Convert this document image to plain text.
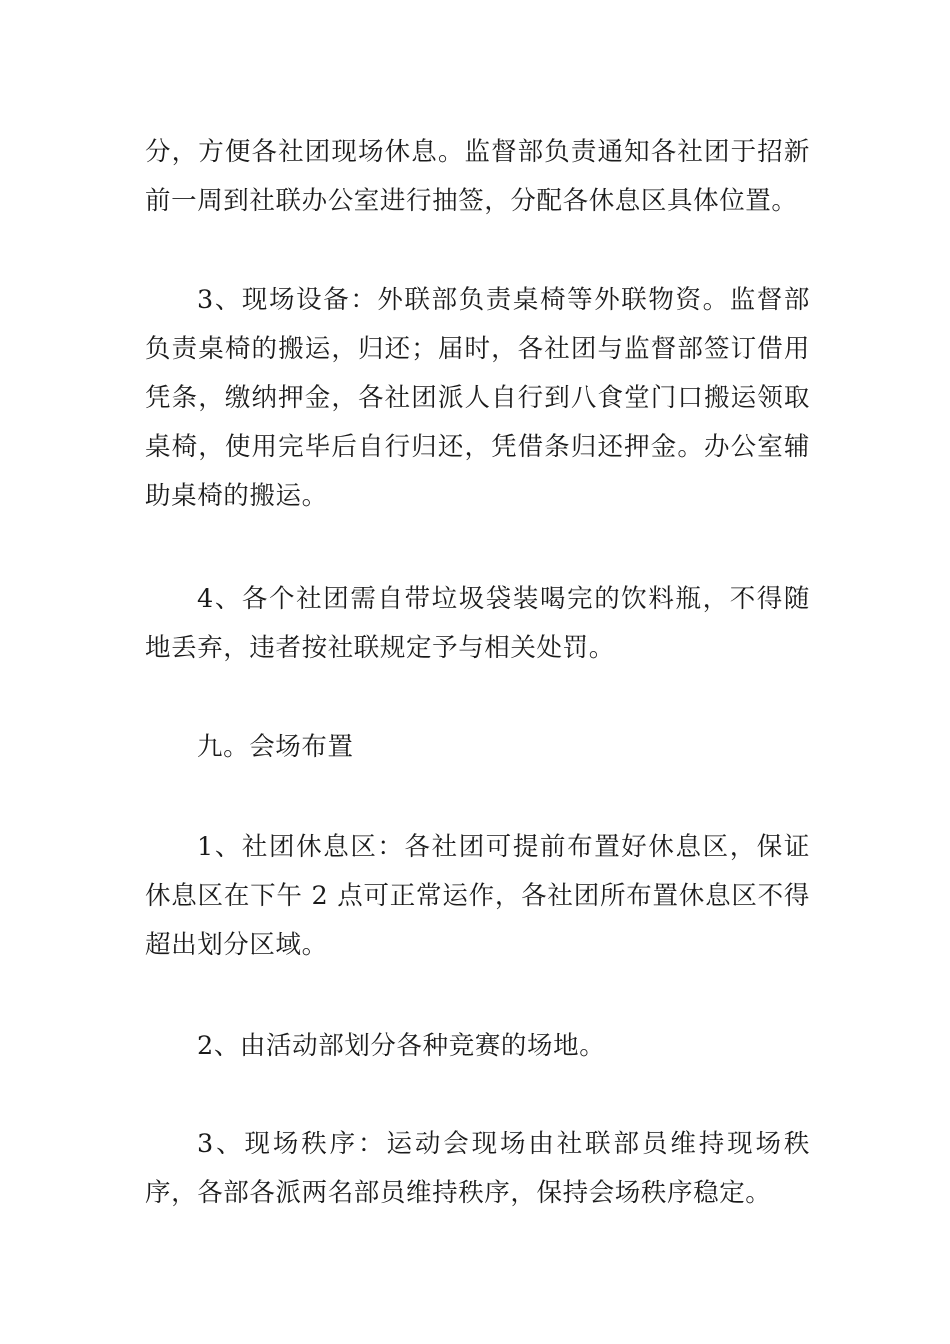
分，方便各社团现场休息。监督部负责通知各社团于招新前一周到社联办公室进行抽签，分配各休息区具体位置。

3、现场设备：外联部负责桌椅等外联物资。监督部负责桌椅的搬运，归还；届时，各社团与监督部签订借用凭条，缴纳押金，各社团派人自行到八食堂门口搬运领取桌椅，使用完毕后自行归还，凭借条归还押金。办公室辅助桌椅的搬运。

4、各个社团需自带垃圾袋装喝完的饮料瓶，不得随地丢弃，违者按社联规定予与相关处罚。

九。会场布置

1、社团休息区：各社团可提前布置好休息区，保证休息区在下午 2 点可正常运作，各社团所布置休息区不得超出划分区域。

2、由活动部划分各种竞赛的场地。

3、现场秩序：运动会现场由社联部员维持现场秩序，各部各派两名部员维持秩序，保持会场秩序稳定。
